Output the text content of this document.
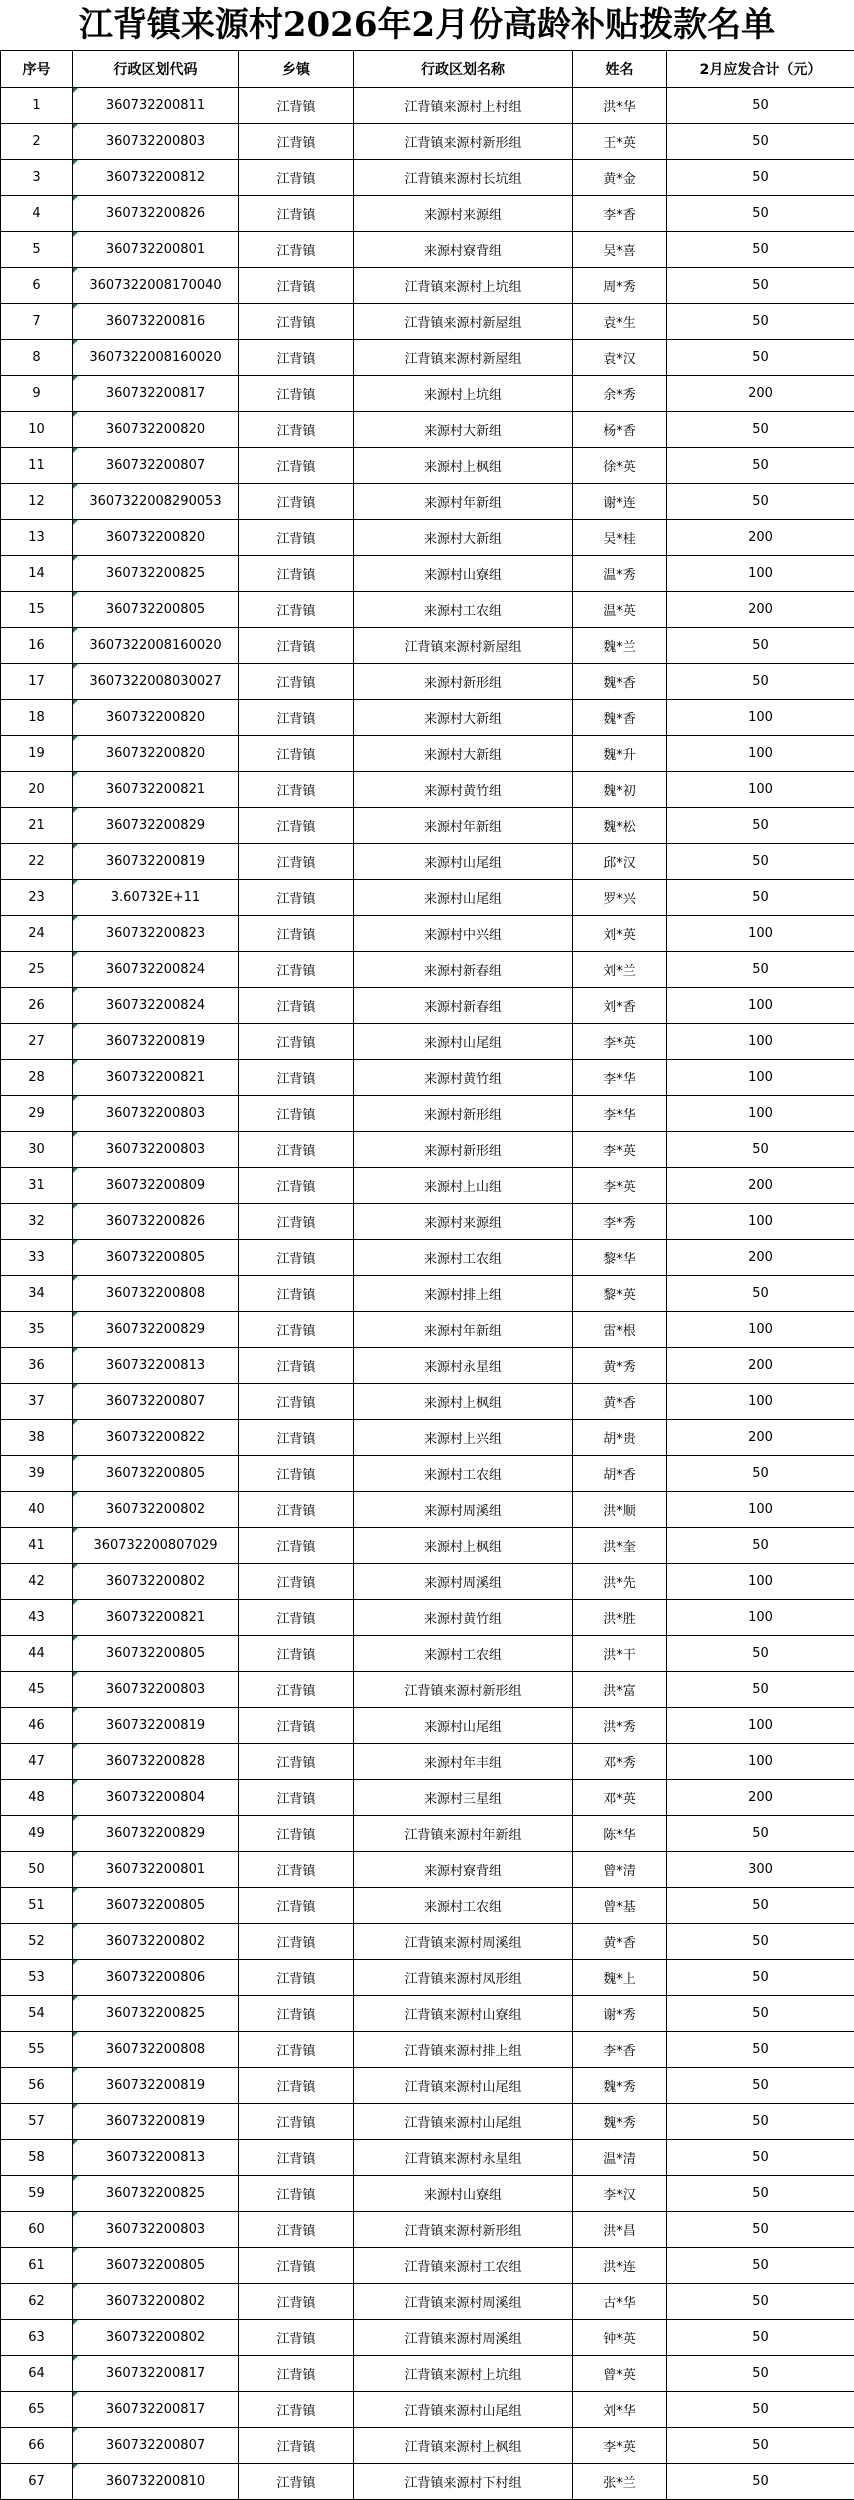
江背镇来源村2026年2月份高龄补贴拨款名单
序号	行政区划代码	乡镇	行政区划名称	姓名	2月应发合计（元）
1	360732200811	江背镇	江背镇来源村上村组	洪*华	50
2	360732200803	江背镇	江背镇来源村新形组	王*英	50
3	360732200812	江背镇	江背镇来源村长坑组	黄*金	50
4	360732200826	江背镇	来源村来源组	李*香	50
5	360732200801	江背镇	来源村寮背组	吴*喜	50
6	3607322008170040	江背镇	江背镇来源村上坑组	周*秀	50
7	360732200816	江背镇	江背镇来源村新屋组	袁*生	50
8	3607322008160020	江背镇	江背镇来源村新屋组	袁*汉	50
9	360732200817	江背镇	来源村上坑组	余*秀	200
10	360732200820	江背镇	来源村大新组	杨*香	50
11	360732200807	江背镇	来源村上枫组	徐*英	50
12	3607322008290053	江背镇	来源村年新组	谢*连	50
13	360732200820	江背镇	来源村大新组	吴*桂	200
14	360732200825	江背镇	来源村山寮组	温*秀	100
15	360732200805	江背镇	来源村工农组	温*英	200
16	3607322008160020	江背镇	江背镇来源村新屋组	魏*兰	50
17	3607322008030027	江背镇	来源村新形组	魏*香	50
18	360732200820	江背镇	来源村大新组	魏*香	100
19	360732200820	江背镇	来源村大新组	魏*升	100
20	360732200821	江背镇	来源村黄竹组	魏*初	100
21	360732200829	江背镇	来源村年新组	魏*松	50
22	360732200819	江背镇	来源村山尾组	邱*汉	50
23	3.60732E+11	江背镇	来源村山尾组	罗*兴	50
24	360732200823	江背镇	来源村中兴组	刘*英	100
25	360732200824	江背镇	来源村新春组	刘*兰	50
26	360732200824	江背镇	来源村新春组	刘*香	100
27	360732200819	江背镇	来源村山尾组	李*英	100
28	360732200821	江背镇	来源村黄竹组	李*华	100
29	360732200803	江背镇	来源村新形组	李*华	100
30	360732200803	江背镇	来源村新形组	李*英	50
31	360732200809	江背镇	来源村上山组	李*英	200
32	360732200826	江背镇	来源村来源组	李*秀	100
33	360732200805	江背镇	来源村工农组	黎*华	200
34	360732200808	江背镇	来源村排上组	黎*英	50
35	360732200829	江背镇	来源村年新组	雷*根	100
36	360732200813	江背镇	来源村永星组	黄*秀	200
37	360732200807	江背镇	来源村上枫组	黄*香	100
38	360732200822	江背镇	来源村上兴组	胡*贵	200
39	360732200805	江背镇	来源村工农组	胡*香	50
40	360732200802	江背镇	来源村周溪组	洪*顺	100
41	360732200807029	江背镇	来源村上枫组	洪*奎	50
42	360732200802	江背镇	来源村周溪组	洪*先	100
43	360732200821	江背镇	来源村黄竹组	洪*胜	100
44	360732200805	江背镇	来源村工农组	洪*干	50
45	360732200803	江背镇	江背镇来源村新形组	洪*富	50
46	360732200819	江背镇	来源村山尾组	洪*秀	100
47	360732200828	江背镇	来源村年丰组	邓*秀	100
48	360732200804	江背镇	来源村三星组	邓*英	200
49	360732200829	江背镇	江背镇来源村年新组	陈*华	50
50	360732200801	江背镇	来源村寮背组	曾*清	300
51	360732200805	江背镇	来源村工农组	曾*基	50
52	360732200802	江背镇	江背镇来源村周溪组	黄*香	50
53	360732200806	江背镇	江背镇来源村凤形组	魏*上	50
54	360732200825	江背镇	江背镇来源村山寮组	谢*秀	50
55	360732200808	江背镇	江背镇来源村排上组	李*香	50
56	360732200819	江背镇	江背镇来源村山尾组	魏*秀	50
57	360732200819	江背镇	江背镇来源村山尾组	魏*秀	50
58	360732200813	江背镇	江背镇来源村永星组	温*清	50
59	360732200825	江背镇	来源村山寮组	李*汉	50
60	360732200803	江背镇	江背镇来源村新形组	洪*昌	50
61	360732200805	江背镇	江背镇来源村工农组	洪*连	50
62	360732200802	江背镇	江背镇来源村周溪组	古*华	50
63	360732200802	江背镇	江背镇来源村周溪组	钟*英	50
64	360732200817	江背镇	江背镇来源村上坑组	曾*英	50
65	360732200817	江背镇	江背镇来源村山尾组	刘*华	50
66	360732200807	江背镇	江背镇来源村上枫组	李*英	50
67	360732200810	江背镇	江背镇来源村下村组	张*兰	50
